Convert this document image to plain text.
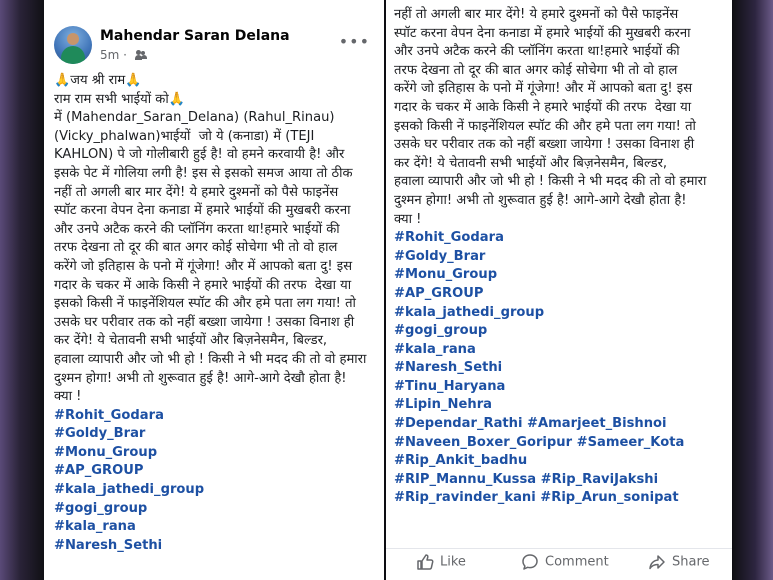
Mahendar Saran Delana
5m ·
•••
🙏जय श्री राम🙏
राम राम सभी भाईयों को🙏
में (Mahendar_Saran_Delana) (Rahul_Rinau)
(Vicky_phalwan)भाईयों  जो ये (कनाडा) में (TEJI
KAHLON) पे जो गोलीबारी हुई है! वो हमने करवायी है! और
इसके पेट में गोलिया लगी है! इस से इसको समज आया तो ठीक
नहीं तो अगली बार मार देंगे! ये हमारे दुश्मनों को पैसे फाइनेंस
स्पॉट करना वेपन देना कनाडा में हमारे भाईयों की मुखबरी करना
और उनपे अटैक करने की प्लॉनिंग करता था!हमारे भाईयों की
तरफ देखना तो दूर की बात अगर कोई सोचेगा भी तो वो हाल
करेंगे जो इतिहास के पनो में गूंजेगा! और में आपको बता दु! इस
गदार के चकर में आके किसी ने हमारे भाईयों की तरफ  देखा या
इसको किसी नें फाइनेंशियल स्पॉट की और हमे पता लग गया! तो
उसके घर परीवार तक को नहीं बख्शा जायेगा ! उसका विनाश ही
कर देंगे! ये चेतावनी सभी भाईयों और बिज़नेसमैन, बिल्डर,
हवाला व्यापारी और जो भी हो ! किसी ने भी मदद की तो वो हमारा
दुश्मन होगा! अभी तो शुरूवात हुई है! आगे-आगे देखौ होता है!
क्या !
#Rohit_Godara
#Goldy_Brar
#Monu_Group
#AP_GROUP
#kala_jathedi_group
#gogi_group
#kala_rana
#Naresh_Sethi

नहीं तो अगली बार मार देंगे! ये हमारे दुश्मनों को पैसे फाइनेंस
स्पॉट करना वेपन देना कनाडा में हमारे भाईयों की मुखबरी करना
और उनपे अटैक करने की प्लॉनिंग करता था!हमारे भाईयों की
तरफ देखना तो दूर की बात अगर कोई सोचेगा भी तो वो हाल
करेंगे जो इतिहास के पनो में गूंजेगा! और में आपको बता दु! इस
गदार के चकर में आके किसी ने हमारे भाईयों की तरफ  देखा या
इसको किसी नें फाइनेंशियल स्पॉट की और हमे पता लग गया! तो
उसके घर परीवार तक को नहीं बख्शा जायेगा ! उसका विनाश ही
कर देंगे! ये चेतावनी सभी भाईयों और बिज़नेसमैन, बिल्डर,
हवाला व्यापारी और जो भी हो ! किसी ने भी मदद की तो वो हमारा
दुश्मन होगा! अभी तो शुरूवात हुई है! आगे-आगे देखौ होता है!
क्या !
#Rohit_Godara
#Goldy_Brar
#Monu_Group
#AP_GROUP
#kala_jathedi_group
#gogi_group
#kala_rana
#Naresh_Sethi
#Tinu_Haryana
#Lipin_Nehra
#Dependar_Rathi #Amarjeet_Bishnoi
#Naveen_Boxer_Goripur #Sameer_Kota
#Rip_Ankit_badhu
#RIP_Mannu_Kussa #Rip_RaviJakshi
#Rip_ravinder_kani #Rip_Arun_sonipat

Like	Comment	Share
